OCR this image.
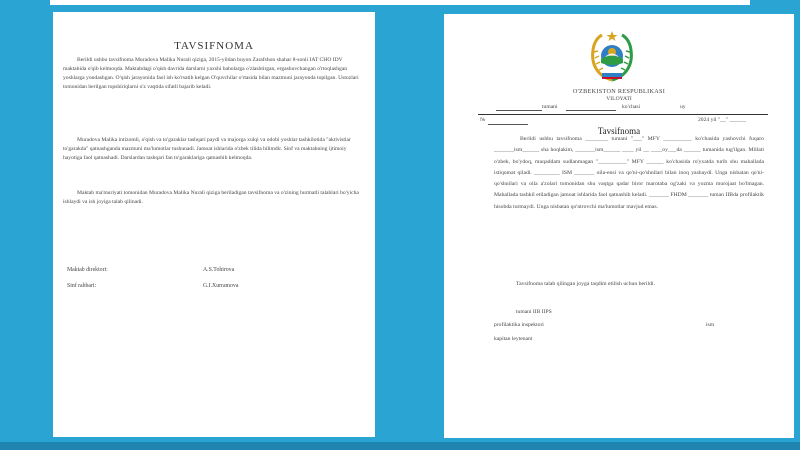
TAVSIFNOMA
Berildi ushbu tavsifnoma Muradova Malika Nurali qiziga, 2015-yildan buyon Zarafshon shahar 8-sonli IAT CHO IDV maktabida o'qib kelmoqda. Maktabdagi o'qish davrida darslarni yaxshi baholarga o'zlashtirgan, ergashuvchangan o'rtoqlashgan yoshlarga yondashgan. O'qish jarayonida faol ish ko'rsatib kelgan O'quvchilar o'rtasida bilan mazmuni jarayonda topilgan. Ustozlari tomonidan berilgan topshiriqlarni o'z vaqtida sifatli bajarib keladi.
Muradova Malika intizomli, o'qish va to'garaklar tashqari paydi va majorga xulqi va odobi yoshlar tashkilotida "aktivistlar to'garakda" qatnashganda mazmuni ma'lumotlar tushunadi. Jamoat ishlarida o'zbek tilida bilimdir. Sinf va maktabning ijtimoiy hayotiga faol qatnashadi. Darslardan tashqari fan to'garaklariga qatnashib kelmoqda.
Maktab ma'muriyati tomonidan Muradova Malika Nurali qiziga beriladigan tavsifnoma va o'zining hurmatli talablari bo'yicha ishlaydi va ish joyiga talab qilinadi.
Maktab direktori:	A.S.Tohirova
Sinf rahbari:	G.I.Xurramova
O'ZBEKISTON RESPUBLIKASI
VILOYATI
tumani	ko'chasi	uy
№	2024 yil "__" ______
Tavsifnoma
Berildi ushbu tavsifnoma ________ tumani "___" MFY __________ ko'chasida yashovchi fuqaro _______ism______ sha hoqlakim, _______ism______ ____ yil __ ____oy___da ______ tumanida tug'ilgan. Millati o'zbek, bo'ydoq, muqaddam sudlanmagan "__________" MFY ______ ko'chasida ro'yxatda turib shu mahallada istiqomat qiladi. _________ ISM _______ oila-ensi va qo'ni-qo'shnilari bilan inoq yashaydi. Unga nisbatan qo'ni-qo'shnilari va oila a'zolari tomonidan shu vaqtga qadar biror marotaba og'zaki va yozma murojaat bo'lmagan. Mahallada tashkil etiladigan jamoat ishlarida faol qatnashib keladi. _______ FHDM _______ tuman IIBda profilaktik hisobda turmaydi. Unga nisbatan qo'ntrovchi ma'lumotlar mavjud emas.
Tavsifnoma talab qilingan joyga taqdim etilish uchun berildi.
tumani IIB IIPS
profilaktika inspektori	ism
kapitan leytenant
